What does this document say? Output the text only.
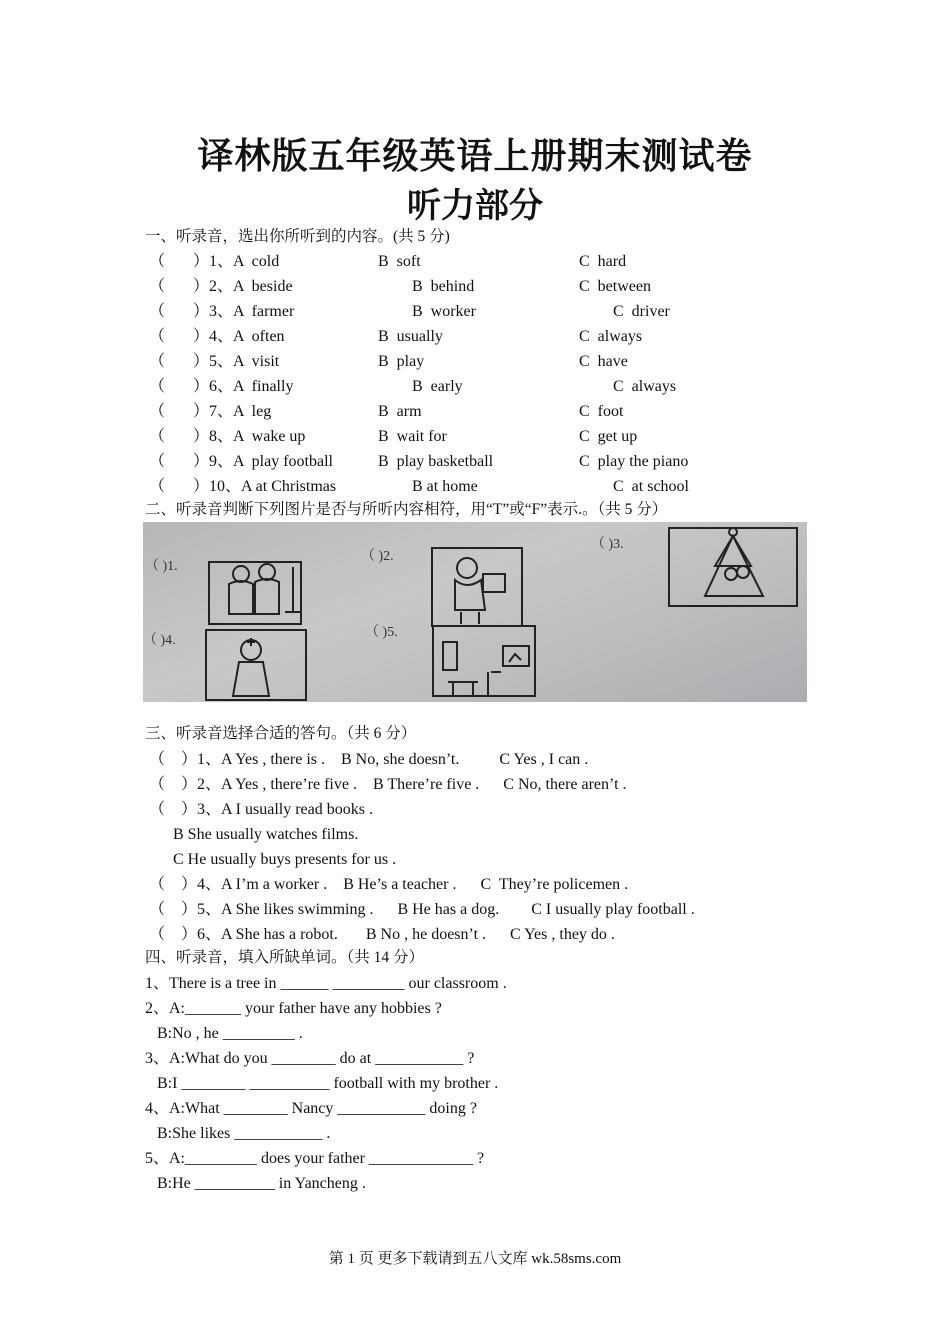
译林版五年级英语上册期末测试卷
听力部分
一、听录音，选出你所听到的内容。(共 5 分)
（ ）1、A  cold	B  soft	C  hard
（ ）2、A  beside	B  behind	C  between
（ ）3、A  farmer	B  worker	C  driver
（ ）4、A  often	B  usually	C  always
（ ）5、A  visit	B  play	C  have
（ ）6、A  finally	B  early	C  always
（ ）7、A  leg	B  arm	C  foot
（ ）8、A  wake up	B  wait for	C  get up
（ ）9、A  play football	B  play basketball	C  play the piano
（ ）10、A at Christmas	B at home	C  at school
二、听录音判断下列图片是否与所听内容相符，用“T”或“F”表示.。（共 5 分）
（ )1.
（ )2.
（ )3.
（ )4.
（ )5.
三、听录音选择合适的答句。（共 6 分）
（    ）1、A Yes , there is .    B No, she doesn’t.          C Yes , I can .
（    ）2、A Yes , there’re five .    B There’re five .      C No, there aren’t .
（    ）3、A I usually read books .
B She usually watches films.
C He usually buys presents for us .
（    ）4、A I’m a worker .    B He’s a teacher .      C  They’re policemen .
（    ）5、A She likes swimming .      B He has a dog.        C I usually play football .
（    ）6、A She has a robot.       B No , he doesn’t .      C Yes , they do .
四、听录音，填入所缺单词。（共 14 分）
1、There is a tree in ______ _________ our classroom .
2、A:_______ your father have any hobbies ?
B:No , he _________ .
3、A:What do you ________ do at ___________ ?
B:I ________ __________ football with my brother .
4、A:What ________ Nancy ___________ doing ?
B:She likes ___________ .
5、A:_________ does your father _____________ ?
B:He __________ in Yancheng .
第 1 页 更多下载请到五八文库 wk.58sms.com
